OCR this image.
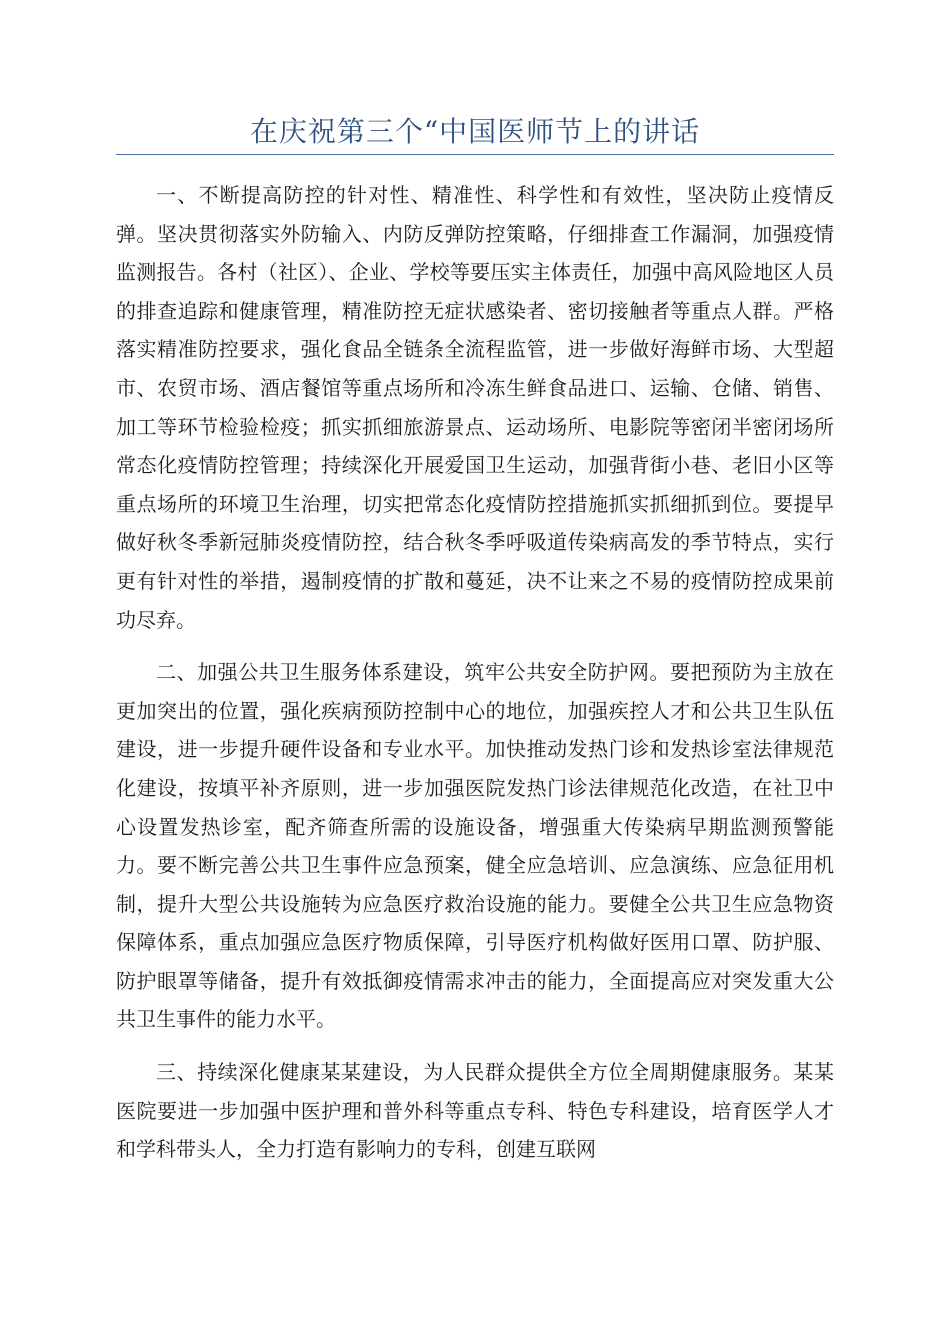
在庆祝第三个“中国医师节上的讲话

一、不断提高防控的针对性、精准性、科学性和有效性，坚决防止疫情反弹。坚决贯彻落实外防输入、内防反弹防控策略，仔细排查工作漏洞，加强疫情监测报告。各村（社区）、企业、学校等要压实主体责任，加强中高风险地区人员的排查追踪和健康管理，精准防控无症状感染者、密切接触者等重点人群。严格落实精准防控要求，强化食品全链条全流程监管，进一步做好海鲜市场、大型超市、农贸市场、酒店餐馆等重点场所和冷冻生鲜食品进口、运输、仓储、销售、加工等环节检验检疫；抓实抓细旅游景点、运动场所、电影院等密闭半密闭场所常态化疫情防控管理；持续深化开展爱国卫生运动，加强背街小巷、老旧小区等重点场所的环境卫生治理，切实把常态化疫情防控措施抓实抓细抓到位。要提早做好秋冬季新冠肺炎疫情防控，结合秋冬季呼吸道传染病高发的季节特点，实行更有针对性的举措，遏制疫情的扩散和蔓延，决不让来之不易的疫情防控成果前功尽弃。

二、加强公共卫生服务体系建设，筑牢公共安全防护网。要把预防为主放在更加突出的位置，强化疾病预防控制中心的地位，加强疾控人才和公共卫生队伍建设，进一步提升硬件设备和专业水平。加快推动发热门诊和发热诊室法律规范化建设，按填平补齐原则，进一步加强医院发热门诊法律规范化改造，在社卫中心设置发热诊室，配齐筛查所需的设施设备，增强重大传染病早期监测预警能力。要不断完善公共卫生事件应急预案，健全应急培训、应急演练、应急征用机制，提升大型公共设施转为应急医疗救治设施的能力。要健全公共卫生应急物资保障体系，重点加强应急医疗物质保障，引导医疗机构做好医用口罩、防护服、防护眼罩等储备，提升有效抵御疫情需求冲击的能力，全面提高应对突发重大公共卫生事件的能力水平。

三、持续深化健康某某建设，为人民群众提供全方位全周期健康服务。某某医院要进一步加强中医护理和普外科等重点专科、特色专科建设，培育医学人才和学科带头人，全力打造有影响力的专科，创建互联网
